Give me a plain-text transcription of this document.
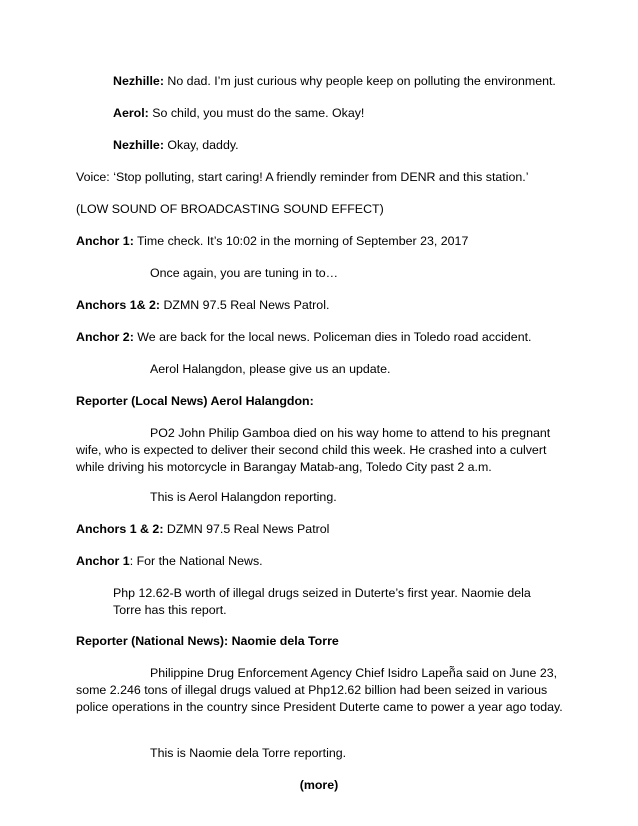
Nezhille: No dad. I’m just curious why people keep on polluting the environment.

Aerol: So child, you must do the same. Okay!

Nezhille: Okay, daddy.

Voice: ‘Stop polluting, start caring! A friendly reminder from DENR and this station.’

(LOW SOUND OF BROADCASTING SOUND EFFECT)

Anchor 1: Time check. It’s 10:02 in the morning of September 23, 2017

Once again, you are tuning in to…

Anchors 1& 2: DZMN 97.5 Real News Patrol.

Anchor 2: We are back for the local news. Policeman dies in Toledo road accident.

Aerol Halangdon, please give us an update.

Reporter (Local News) Aerol Halangdon:

PO2 John Philip Gamboa died on his way home to attend to his pregnant wife, who is expected to deliver their second child this week. He crashed into a culvert while driving his motorcycle in Barangay Matab-ang, Toledo City past 2 a.m.

This is Aerol Halangdon reporting.

Anchors 1 & 2: DZMN 97.5 Real News Patrol

Anchor 1: For the National News.

Php 12.62-B worth of illegal drugs seized in Duterte’s first year. Naomie dela Torre has this report.

Reporter (National News): Naomie dela Torre

Philippine Drug Enforcement Agency Chief Isidro Lapeñ̃a said on June 23, some 2.246 tons of illegal drugs valued at Php12.62 billion had been seized in various police operations in the country since President Duterte came to power a year ago today.

This is Naomie dela Torre reporting.

(more)
